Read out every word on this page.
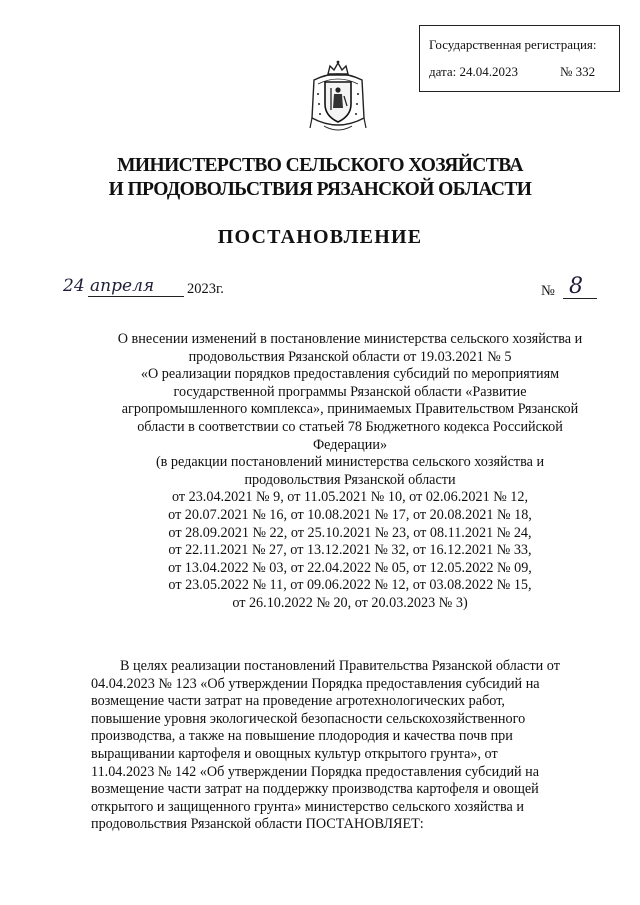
Государственная регистрация:
дата: 24.04.2023	№ 332
МИНИСТЕРСТВО СЕЛЬСКОГО ХОЗЯЙСТВА
И ПРОДОВОЛЬСТВИЯ РЯЗАНСКОЙ ОБЛАСТИ
ПОСТАНОВЛЕНИЕ
24 апреля 2023г.	№ 8
О внесении изменений в постановление министерства сельского хозяйства и
продовольствия Рязанской области от 19.03.2021 № 5
«О реализации порядков предоставления субсидий по мероприятиям
государственной программы Рязанской области «Развитие
агропромышленного комплекса», принимаемых Правительством Рязанской
области в соответствии со статьей 78 Бюджетного кодекса Российской
Федерации»
(в редакции постановлений министерства сельского хозяйства и
продовольствия Рязанской области
от 23.04.2021 № 9, от 11.05.2021 № 10, от 02.06.2021 № 12,
от 20.07.2021 № 16, от 10.08.2021 № 17, от 20.08.2021 № 18,
от 28.09.2021 № 22, от 25.10.2021 № 23, от 08.11.2021 № 24,
от 22.11.2021 № 27, от 13.12.2021 № 32, от 16.12.2021 № 33,
от 13.04.2022 № 03, от 22.04.2022 № 05, от 12.05.2022 № 09,
от 23.05.2022 № 11, от 09.06.2022 № 12, от 03.08.2022 № 15,
от 26.10.2022 № 20, от 20.03.2023 № 3)
В целях реализации постановлений Правительства Рязанской области от
04.04.2023 № 123 «Об утверждении Порядка предоставления субсидий на
возмещение части затрат на проведение агротехнологических работ,
повышение уровня экологической безопасности сельскохозяйственного
производства, а также на повышение плодородия и качества почв при
выращивании картофеля и овощных культур открытого грунта», от
11.04.2023 № 142 «Об утверждении Порядка предоставления субсидий на
возмещение части затрат на поддержку производства картофеля и овощей
открытого и защищенного грунта» министерство сельского хозяйства и
продовольствия Рязанской области ПОСТАНОВЛЯЕТ:
